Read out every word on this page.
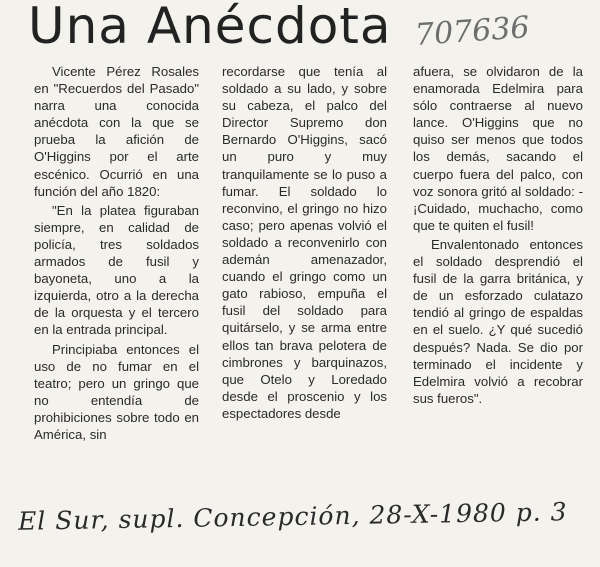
Una Anécdota 707636

Vicente Pérez Rosales en "Recuerdos del Pasado" narra una conocida anécdota con la que se prueba la afición de O'Higgins por el arte escénico. Ocurrió en una función del año 1820:

"En la platea figuraban siempre, en calidad de policía, tres soldados armados de fusil y bayoneta, uno a la izquierda, otro a la derecha de la orquesta y el tercero en la entrada principal.

Principiaba entonces el uso de no fumar en el teatro; pero un gringo que no entendía de prohibiciones sobre todo en América, sin

recordarse que tenía al soldado a su lado, y sobre su cabeza, el palco del Director Supremo don Bernardo O'Higgins, sacó un puro y muy tranquilamente se lo puso a fumar. El soldado lo reconvino, el gringo no hizo caso; pero apenas volvió el soldado a reconvenirlo con ademán amenazador, cuando el gringo como un gato rabioso, empuña el fusil del soldado para quitárselo, y se arma entre ellos tan brava pelotera de cimbrones y barquinazos, que Otelo y Loredado desde el proscenio y los espectadores desde

afuera, se olvidaron de la enamorada Edelmira para sólo contraerse al nuevo lance. O'Higgins que no quiso ser menos que todos los demás, sacando el cuerpo fuera del palco, con voz sonora gritó al soldado: -¡Cuidado, muchacho, como que te quiten el fusil!

Envalentonado entonces el soldado desprendió el fusil de la garra británica, y de un esforzado culatazo tendió al gringo de espaldas en el suelo. ¿Y qué sucedió después? Nada. Se dio por terminado el incidente y Edelmira volvió a recobrar sus fueros".

El Sur, supl. Concepción, 28-X-1980 p. 3
